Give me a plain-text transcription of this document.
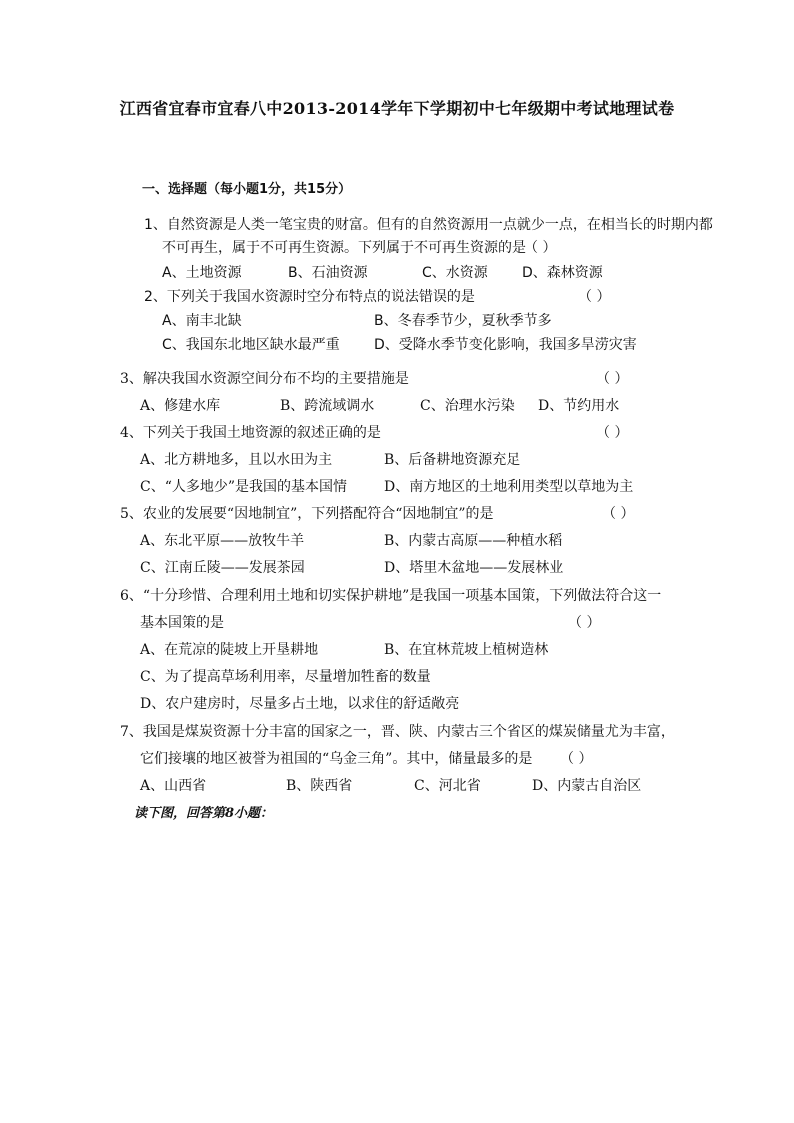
江西省宜春市宜春八中2013-2014学年下学期初中七年级期中考试地理试卷
一、选择题（每小题1分，共15分）
1、自然资源是人类一笔宝贵的财富。但有的自然资源用一点就少一点，在相当长的时期内都
不可再生，属于不可再生资源。下列属于不可再生资源的是
（ ）
A、土地资源	B、石油资源	C、水资源 D、森林资源
2、下列关于我国水资源时空分布特点的说法错误的是	（ ）
A、南丰北缺	B、冬春季节少，夏秋季节多
C、我国东北地区缺水最严重 D、受降水季节变化影响，我国多旱涝灾害
3、解决我国水资源空间分布不均的主要措施是	（ ）
A、修建水库	B、跨流域调水	C、治理水污染 D、节约用水
4、下列关于我国土地资源的叙述正确的是	（ ）
A、北方耕地多，且以水田为主	B、后备耕地资源充足
C、“人多地少”是我国的基本国情	D、南方地区的土地利用类型以草地为主
5、农业的发展要“因地制宜”，下列搭配符合“因地制宜”的是	（ ）
A、东北平原——放牧牛羊	B、内蒙古高原——种植水稻
C、江南丘陵——发展茶园	D、塔里木盆地——发展林业
6、“十分珍惜、合理利用土地和切实保护耕地”是我国一项基本国策，下列做法符合这一
基本国策的是	（ ）
A、在荒凉的陡坡上开垦耕地	B、在宜林荒坡上植树造林
C、为了提高草场利用率，尽量增加牲畜的数量
D、农户建房时，尽量多占土地，以求住的舒适敞亮
7、我国是煤炭资源十分丰富的国家之一，晋、陕、内蒙古三个省区的煤炭储量尤为丰富，
它们接壤的地区被誉为祖国的“乌金三角”。其中，储量最多的是 （ ）
A、山西省	B、陕西省	C、河北省	D、内蒙古自治区
读下图，回答第8小题：
